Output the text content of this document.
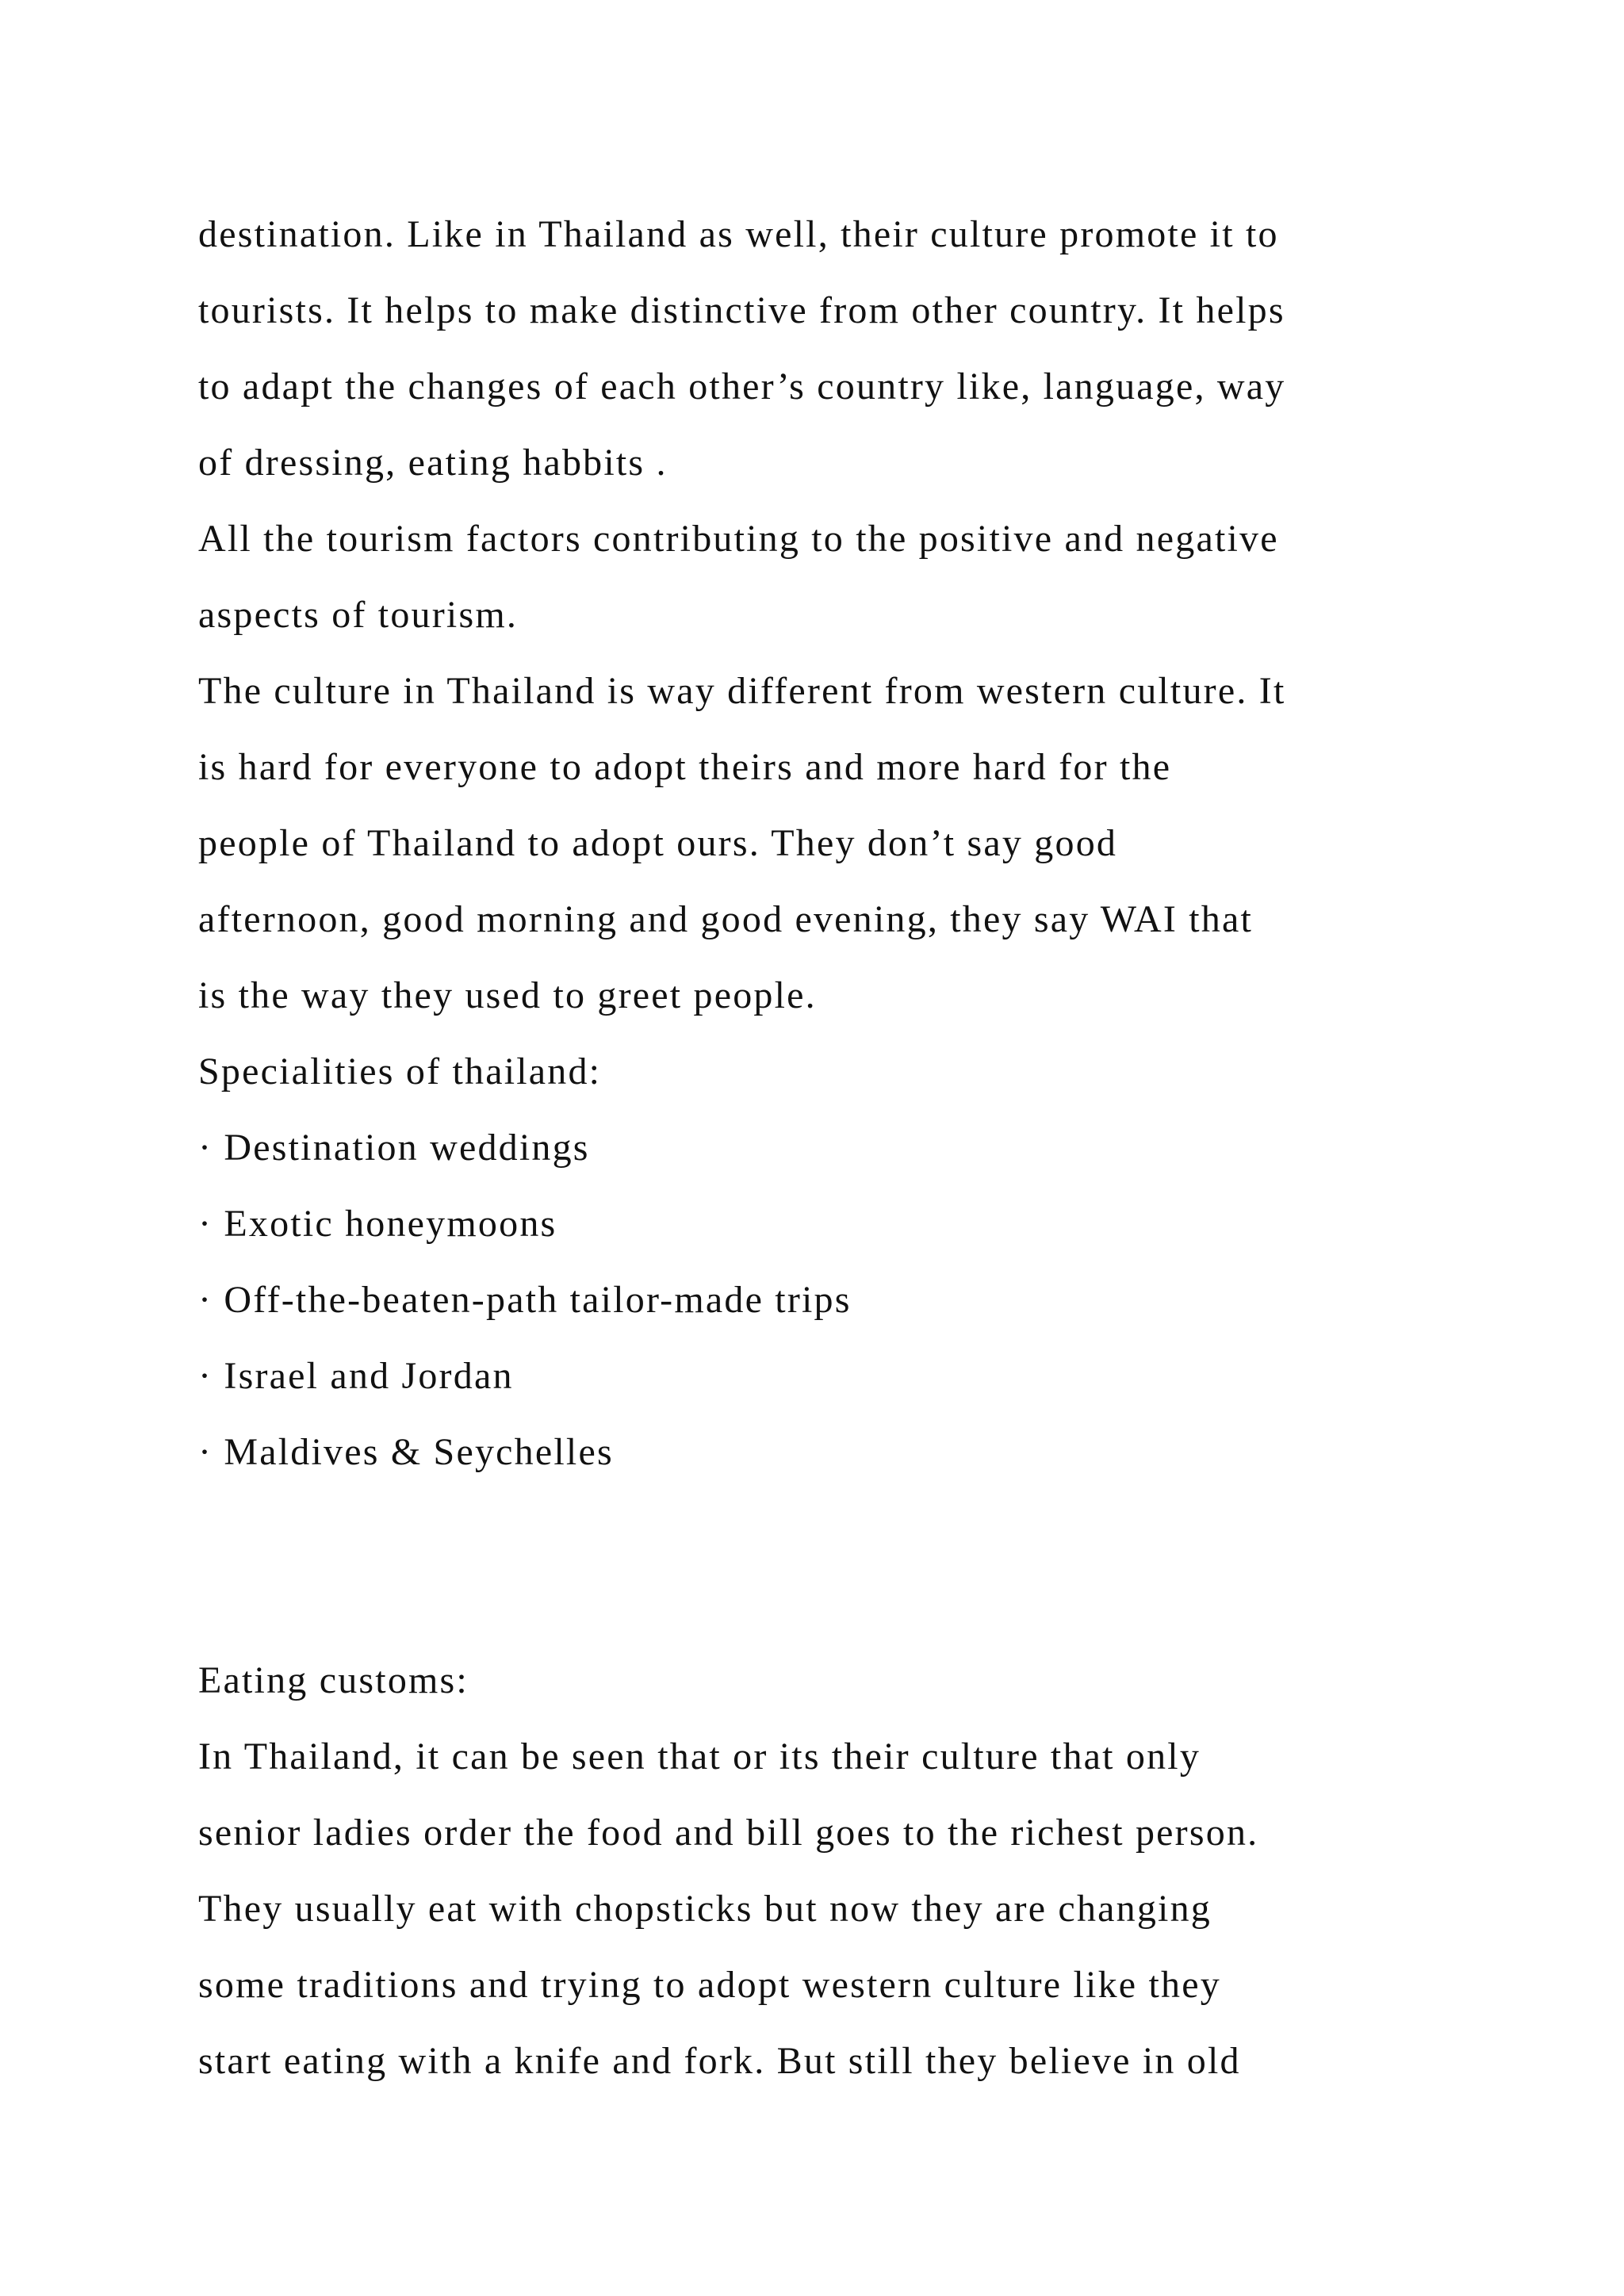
destination. Like in Thailand as well, their culture promote it to
tourists. It helps to make distinctive from other country. It helps
to adapt the changes of each other’s country like, language, way
of dressing, eating habbits .
All the tourism factors contributing to the positive and negative
aspects of tourism.
The culture in Thailand is way different from western culture. It
is hard for everyone to adopt theirs and more hard for the
people of Thailand to adopt ours. They don’t say good
afternoon, good morning and good evening, they say WAI that
is the way they used to greet people.
Specialities of thailand:
· Destination weddings
· Exotic honeymoons
· Off-the-beaten-path tailor-made trips
· Israel and Jordan
· Maldives & Seychelles
Eating customs:
In Thailand, it can be seen that or its their culture that only
senior ladies order the food and bill goes to the richest person.
They usually eat with chopsticks but now they are changing
some traditions and trying to adopt western culture like they
start eating with a knife and fork. But still they believe in old
